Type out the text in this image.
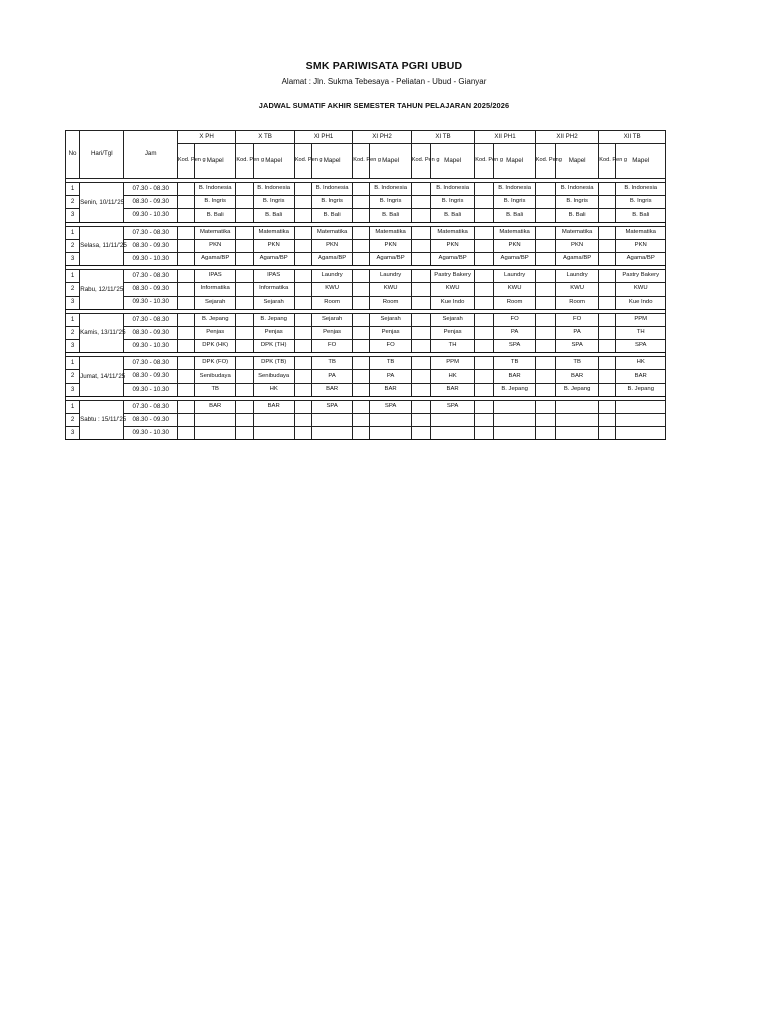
SMK PARIWISATA PGRI UBUD
Alamat : Jln. Sukma Tebesaya - Peliatan - Ubud - Gianyar
JADWAL SUMATIF AKHIR SEMESTER TAHUN PELAJARAN 2025/2026
No	Hari/Tgl	Jam	X PH		X TB		XI PH1		XI PH2		XI TB		XII PH1		XII PH2		XII TB	
			Kod. Pen g	Mapel	Kod. Pen g	Mapel	Kod. Pen g	Mapel	Kod. Pen g	Mapel	Kod. Pen g	Mapel	Kod. Pen g	Mapel	Kod. Peng	Mapel	Kod. Pen g	Mapel

1	Senin, 10/11/'25	07.30 - 08.30		B. Indonesia		B. Indonesia		B. Indonesia		B. Indonesia		B. Indonesia		B. Indonesia		B. Indonesia		B. Indonesia
2		08.30 - 09.30		B. Ingris		B. Ingris		B. Ingris		B. Ingris		B. Ingris		B. Ingris		B. Ingris		B. Ingris
3		09.30 - 10.30		B. Bali		B. Bali		B. Bali		B. Bali		B. Bali		B. Bali		B. Bali		B. Bali

1	Selasa, 11/11/'25	07.30 - 08.30		Matematika		Matematika		Matematika		Matematika		Matematika		Matematika		Matematika		Matematika
2		08.30 - 09.30		PKN		PKN		PKN		PKN		PKN		PKN		PKN		PKN
3		09.30 - 10.30		Agama/BP		Agama/BP		Agama/BP		Agama/BP		Agama/BP		Agama/BP		Agama/BP		Agama/BP

1	Rabu, 12/11/'25	07.30 - 08.30		IPAS		IPAS		Laundry		Laundry		Pastry Bakery		Laundry		Laundry		Pastry Bakery
2		08.30 - 09.30		Informatika		Informatika		KWU		KWU		KWU		KWU		KWU		KWU
3		09.30 - 10.30		Sejarah		Sejarah		Room		Room		Kue Indo		Room		Room		Kue Indo

1	Kamis, 13/11/'25	07.30 - 08.30		B. Jepang		B. Jepang		Sejarah		Sejarah		Sejarah		FO		FO		PPM
2		08.30 - 09.30		Penjas		Penjas		Penjas		Penjas		Penjas		PA		PA		TH
3		09.30 - 10.30		DPK (HK)		DPK (TH)		FO		FO		TH		SPA		SPA		SPA

1	Jumat, 14/11/'25	07.30 - 08.30		DPK (FO)		DPK (TB)		TB		TB		PPM		TB		TB		HK
2		08.30 - 09.30		Senibudaya		Senibudaya		PA		PA		HK		BAR		BAR		BAR
3		09.30 - 10.30		TB		HK		BAR		BAR		BAR		B. Jepang		B. Jepang		B. Jepang

1	Sabtu : 15/11/'25	07.30 - 08.30		BAR		BAR		SPA		SPA		SPA						
2		08.30 - 09.30																
3		09.30 - 10.30																
